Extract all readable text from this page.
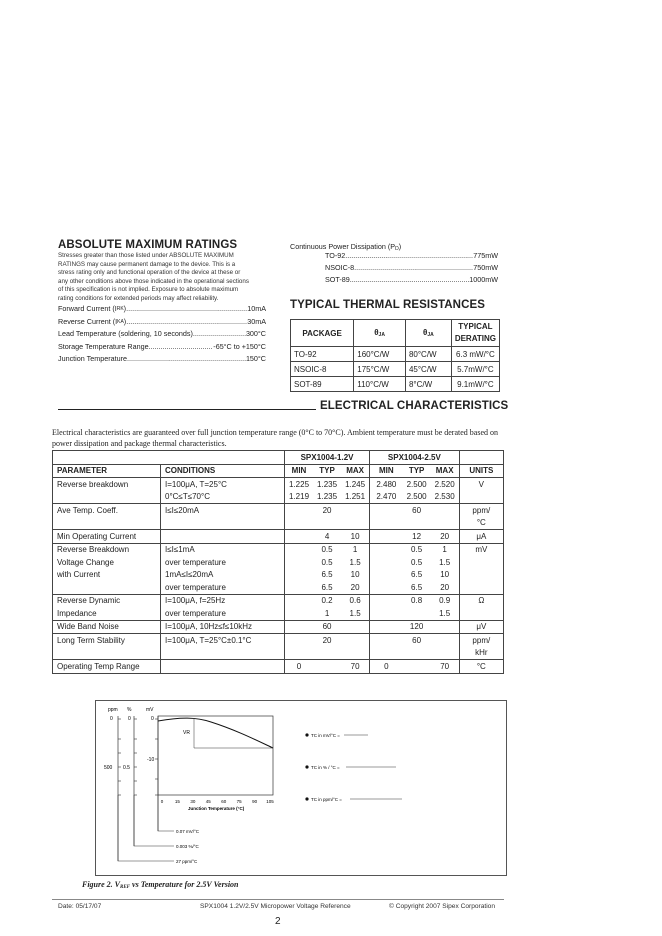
ABSOLUTE MAXIMUM RATINGS
Stresses greater than those listed under ABSOLUTE MAXIMUM
RATINGS may cause permanent damage to the device. This is a
stress rating only and functional operation of the device at these or
any other conditions above those indicated in the operational sections
of this specification is not implied. Exposure to absolute maximum
rating conditions for extended periods may affect reliability.
Forward Current (I RK ) .....	10mA
Reverse Current (I KA ) .....	30mA
Lead Temperature (soldering, 10 seconds) .....	300°C
Storage Temperature Range .....	-65°C to +150°C
Junction Temperature .....	150°C
Continuous Power Dissipation $(P_D)$
TO-92 .....	775mW
NSOIC-8 .....	750mW
SOT-89 .....	1000mW
TYPICAL THERMAL RESISTANCES
PACKAGE	$\theta_{JA}$	$\theta_{JA}$	TYPICAL
DERATING

TO-92	160°C/W	80°C/W	6.3 mW/°C
NSOIC-8	175°C/W	45°C/W	5.7mW/°C
SOT-89	110°C/W	8°C/W	9.1mW/°C
ELECTRICAL CHARACTERISTICS
Electrical characteristics are guaranteed over full junction temperature range (0°C to 70°C). Ambient temperature must be derated based on power dissipation and package thermal characteristics.
		SPX1004-1.2V			SPX1004-2.5V			
PARAMETER	CONDITIONS	MIN	TYP	MAX	MIN	TYP	MAX	UNITS
Reverse breakdown	I=100μA, T=25°C	1.225	1.235	1.245	2.480	2.500	2.520	V
	0°C≤T≤70°C	1.219	1.235	1.251	2.470	2.500	2.530	
Ave Temp. Coeff.	I≤I≤20mA		20			60		ppm/
								°C
Min Operating Current			4	10		12	20	μA
Reverse Breakdown	I≤I≤1mA		0.5	1		0.5	1	mV
Voltage Change	over temperature		0.5	1.5		0.5	1.5	
with Current	1mA≤I≤20mA		6.5	10		6.5	10	
	over temperature		6.5	20		6.5	20	
Reverse Dynamic	I=100μA, f=25Hz		0.2	0.6		0.8	0.9	Ω
Impedance	over temperature		1	1.5			1.5	
Wide Band Noise	I=100μA, 10Hz≤f≤10kHz		60			120		μV
Long Term Stability	I=100μA, T=25°C±0.1°C		20			60		ppm/
								kHr
Operating Temp Range		0		70	0		70	°C
ppm %	mV
0
500
0
0.5
0
-10
VR
0	15 30 45 60 75 90 105
Junction Temperature (°C)
0.07 mV/°C
0.003 %/°C
27 ppm/°C
TC in mV/°C =
TC in % / °C =
TC in ppm/°C =
Figure 2. $V_{REF}$ vs Temperature for 2.5V Version
Date: 05/17/07	SPX1004 1.2V/2.5V Micropower Voltage Reference	© Copyright 2007 Sipex Corporation
2
